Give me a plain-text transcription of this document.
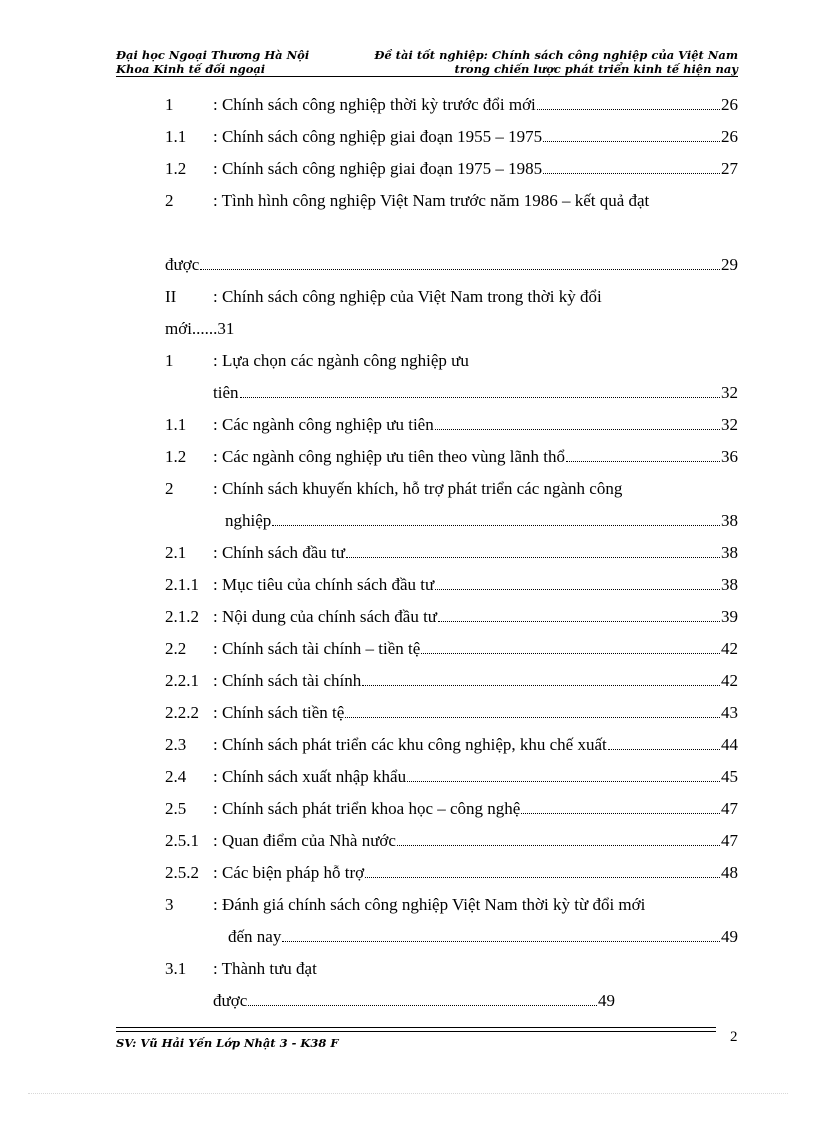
Đại học Ngoại Thương Hà Nội
Khoa Kinh tế đối ngoại
Đề tài tốt nghiệp: Chính sách công nghiệp của Việt Nam
trong chiến lược phát triển kinh tế hiện nay
1 : Chính sách công nghiệp thời kỳ trước đổi mới	26
1.1 : Chính sách công nghiệp giai đoạn 1955 – 1975	26
1.2 : Chính sách công nghiệp giai đoạn 1975 – 1985	27
2 : Tình hình công nghiệp Việt Nam trước năm 1986 – kết quả đạt
được	29
II : Chính sách công nghiệp của Việt Nam trong thời kỳ đổi
mới......31
1 : Lựa chọn các ngành công nghiệp ưu
tiên	32
1.1 : Các ngành công nghiệp ưu tiên	32
1.2 : Các ngành công nghiệp ưu tiên theo vùng lãnh thổ	36
2 : Chính sách khuyến khích, hỗ trợ phát triển các ngành công
nghiệp	38
2.1 : Chính sách đầu tư	38
2.1.1 : Mục tiêu của chính sách đầu tư	38
2.1.2 : Nội dung của chính sách đầu tư	39
2.2 : Chính sách tài chính – tiền tệ	42
2.2.1 : Chính sách tài chính	42
2.2.2 : Chính sách tiền tệ	43
2.3 : Chính sách phát triển các khu công nghiệp, khu chế xuất	44
2.4 : Chính sách xuất nhập khẩu	45
2.5 : Chính sách phát triển khoa học – công nghệ	47
2.5.1 : Quan điểm của Nhà nước	47
2.5.2 : Các biện pháp hỗ trợ	48
3 : Đánh giá chính sách công nghiệp Việt Nam thời kỳ từ đổi mới
đến nay	49
3.1 : Thành tưu đạt
được	49
SV: Vũ Hải Yến Lớp Nhật 3 - K38 F	2
